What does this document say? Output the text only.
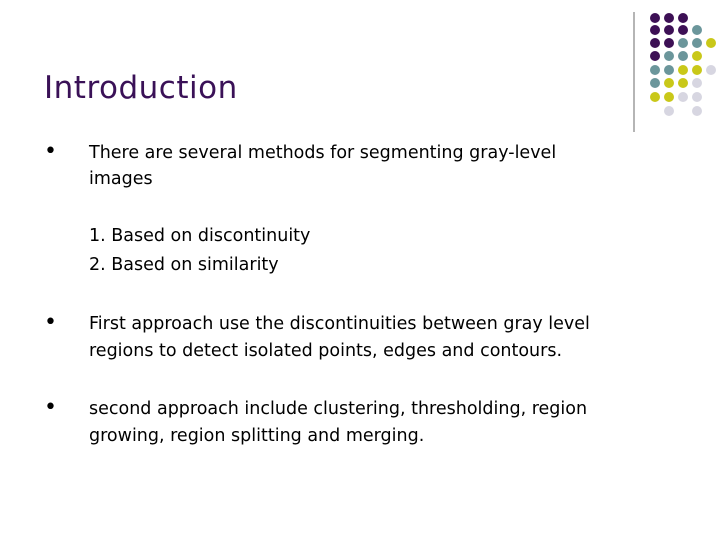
Introduction
• There are several methods for segmenting gray-level
images
1. Based on discontinuity
2. Based on similarity
• First approach use the discontinuities between gray level
regions to detect isolated points, edges and contours.
• second approach include clustering, thresholding, region
growing, region splitting and merging.
